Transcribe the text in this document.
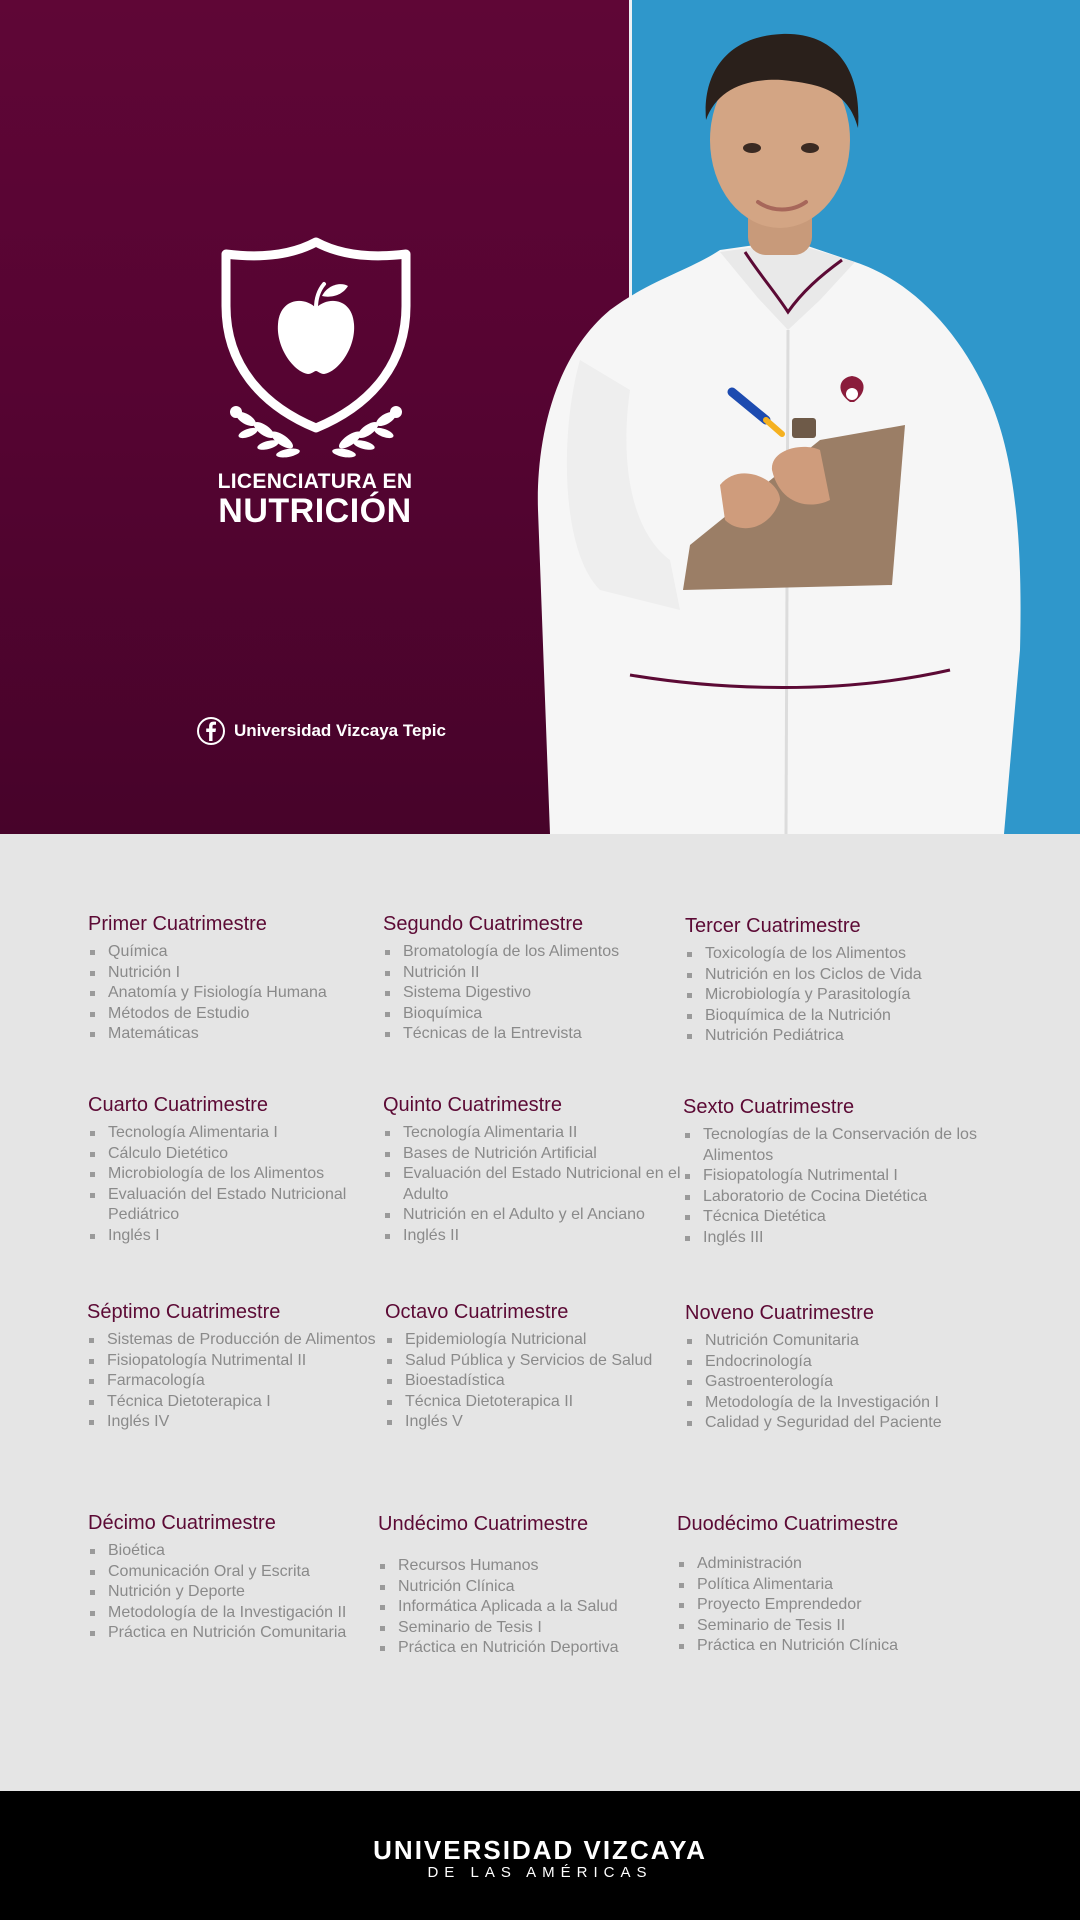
LICENCIATURA EN
NUTRICIÓN
Universidad Vizcaya Tepic
Primer Cuatrimestre
Química
Nutrición I
Anatomía y Fisiología Humana
Métodos de Estudio
Matemáticas
Segundo Cuatrimestre
Bromatología de los Alimentos
Nutrición II
Sistema Digestivo
Bioquímica
Técnicas de la Entrevista
Tercer Cuatrimestre
Toxicología de los Alimentos
Nutrición en los Ciclos de Vida
Microbiología y Parasitología
Bioquímica de la Nutrición
Nutrición Pediátrica
Cuarto Cuatrimestre
Tecnología Alimentaria I
Cálculo Dietético
Microbiología de los Alimentos
Evaluación del Estado Nutricional Pediátrico
Inglés I
Quinto Cuatrimestre
Tecnología Alimentaria II
Bases de Nutrición Artificial
Evaluación del Estado Nutricional en el Adulto
Nutrición en el Adulto y el Anciano
Inglés II
Sexto Cuatrimestre
Tecnologías de la Conservación de los Alimentos
Fisiopatología Nutrimental I
Laboratorio de Cocina Dietética
Técnica Dietética
Inglés III
Séptimo Cuatrimestre
Sistemas de Producción de Alimentos
Fisiopatología Nutrimental II
Farmacología
Técnica Dietoterapica I
Inglés IV
Octavo Cuatrimestre
Epidemiología Nutricional
Salud Pública y Servicios de Salud
Bioestadística
Técnica Dietoterapica II
Inglés V
Noveno Cuatrimestre
Nutrición Comunitaria
Endocrinología
Gastroenterología
Metodología de la Investigación I
Calidad y Seguridad del Paciente
Décimo Cuatrimestre
Bioética
Comunicación Oral y Escrita
Nutrición y Deporte
Metodología de la Investigación II
Práctica en Nutrición Comunitaria
Undécimo Cuatrimestre
Recursos Humanos
Nutrición Clínica
Informática Aplicada a la Salud
Seminario de Tesis I
Práctica en Nutrición Deportiva
Duodécimo Cuatrimestre
Administración
Política Alimentaria
Proyecto Emprendedor
Seminario de Tesis II
Práctica en Nutrición Clínica
UNIVERSIDAD VIZCAYA
DE LAS AMÉRICAS
